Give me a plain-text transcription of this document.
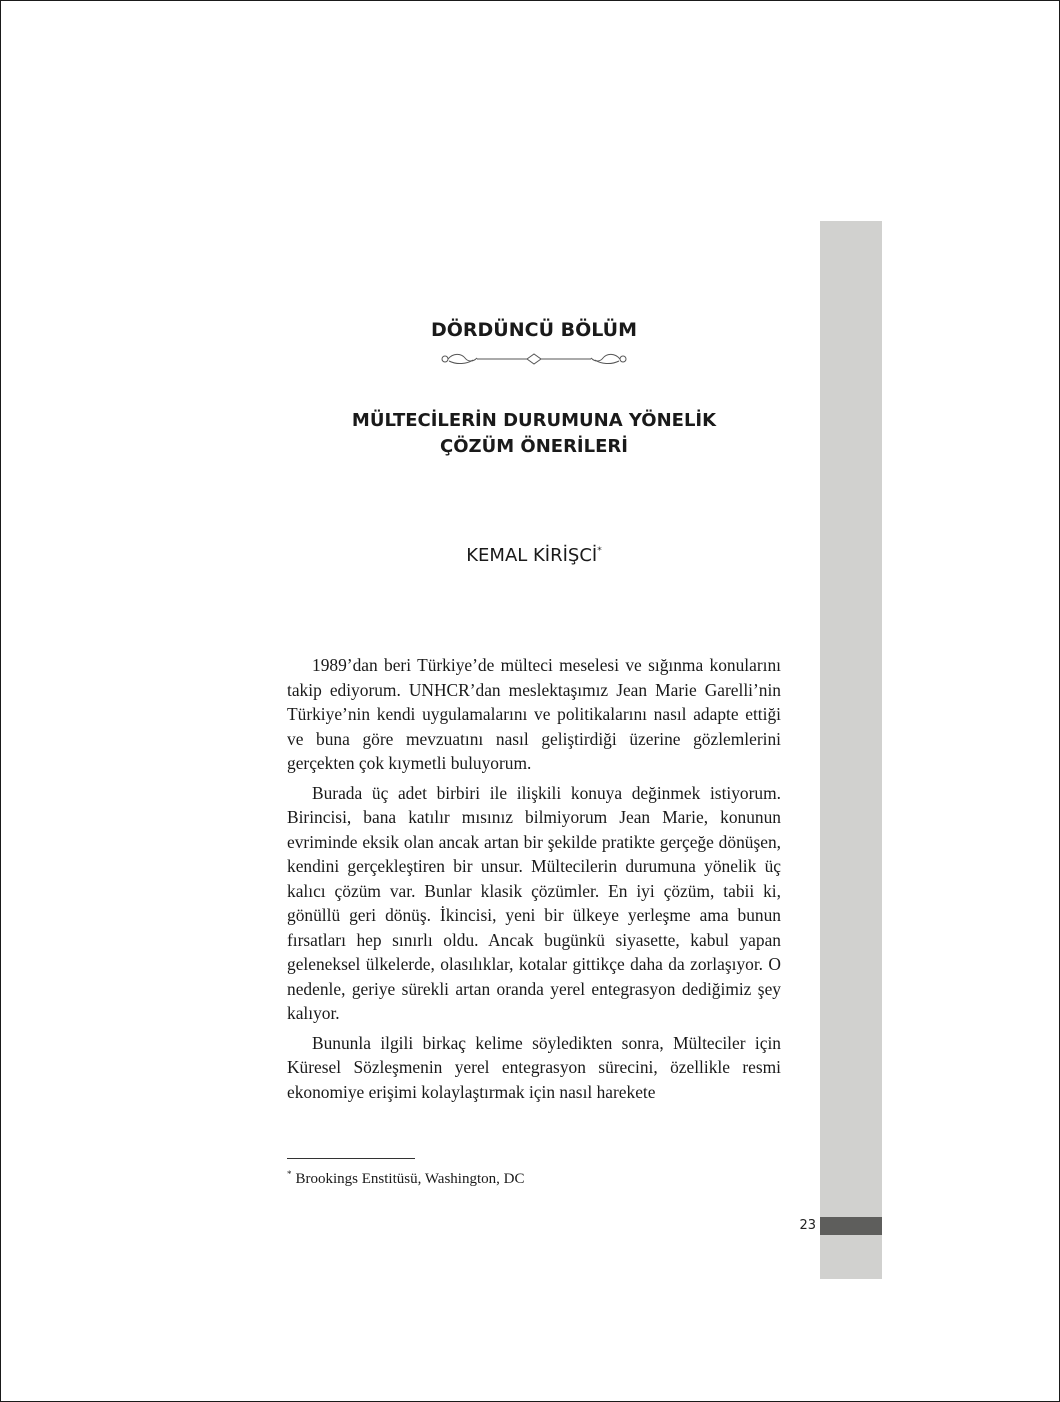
23
DÖRDÜNCÜ BÖLÜM
MÜLTECİLERİN DURUMUNA YÖNELİK
ÇÖZÜM ÖNERİLERİ
KEMAL KİRİŞCİ*

1989’dan beri Türkiye’de mülteci meselesi ve sığınma konularını takip ediyorum. UNHCR’dan meslektaşımız Jean Marie Garelli’nin Türkiye’nin kendi uygulamalarını ve politikalarını nasıl adapte ettiği ve buna göre mevzuatını nasıl geliştirdiği üzerine gözlemlerini gerçekten çok kıymetli buluyorum.

Burada üç adet birbiri ile ilişkili konuya değinmek istiyorum. Birincisi, bana katılır mısınız bilmiyorum Jean Marie, konunun evriminde eksik olan ancak artan bir şekilde pratikte gerçeğe dönüşen, kendini gerçekleştiren bir unsur. Mültecilerin durumuna yönelik üç kalıcı çözüm var. Bunlar klasik çözümler. En iyi çözüm, tabii ki, gönüllü geri dönüş. İkincisi, yeni bir ülkeye yerleşme ama bunun fırsatları hep sınırlı oldu. Ancak bugünkü siyasette, kabul yapan geleneksel ülkelerde, olasılıklar, kotalar gittikçe daha da zorlaşıyor. O nedenle, geriye sürekli artan oranda yerel entegrasyon dediğimiz şey kalıyor.

Bununla ilgili birkaç kelime söyledikten sonra, Mülteciler için Küresel Sözleşmenin yerel entegrasyon sürecini, özellikle resmi ekonomiye erişimi kolaylaştırmak için nasıl harekete

* Brookings Enstitüsü, Washington, DC
